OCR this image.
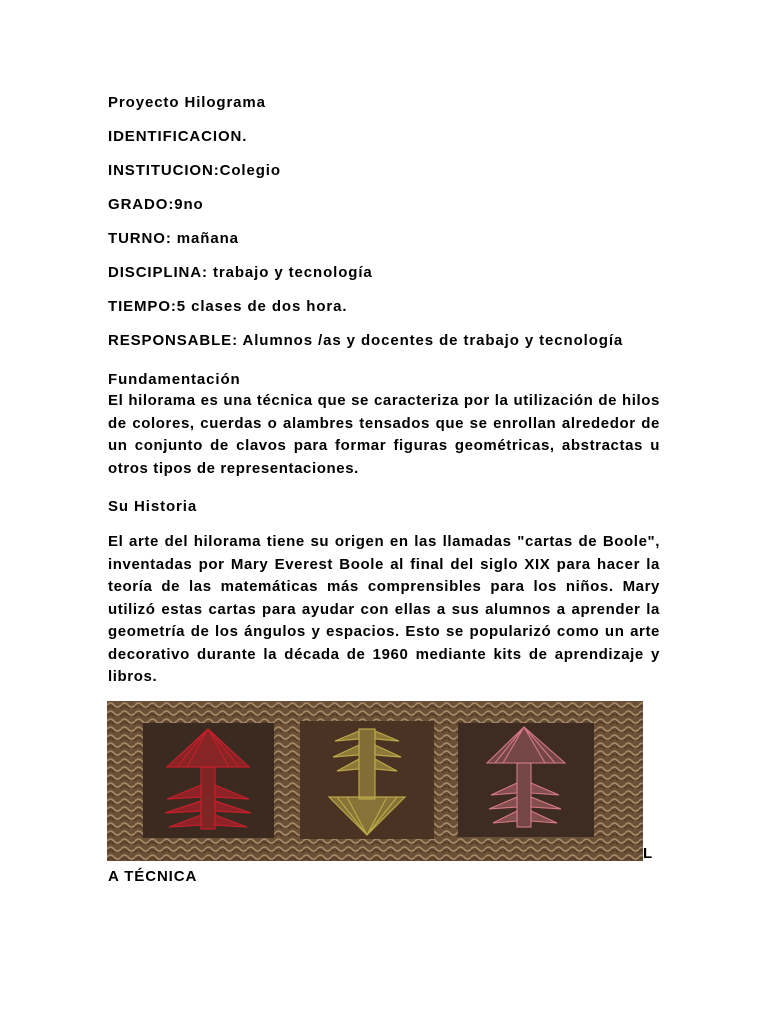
Proyecto Hilograma
IDENTIFICACION.
INSTITUCION:Colegio
GRADO:9no
TURNO: mañana
DISCIPLINA: trabajo y tecnología
TIEMPO:5 clases de dos hora.
RESPONSABLE: Alumnos /as y docentes de trabajo y tecnología
Fundamentación
El hilorama es una técnica que se caracteriza por la utilización de hilos de colores, cuerdas o alambres tensados que se enrollan alrededor de un conjunto de clavos para formar figuras geométricas, abstractas u otros tipos de representaciones.
Su Historia
El arte del hilorama tiene su origen en las llamadas "cartas de Boole", inventadas por Mary Everest Boole al final del siglo XIX para hacer la teoría de las matemáticas más comprensibles para los niños. Mary utilizó estas cartas para ayudar con ellas a sus alumnos a aprender la geometría de los ángulos y espacios. Esto se popularizó como un arte decorativo durante la década de 1960 mediante kits de aprendizaje y libros.
L
A TÉCNICA
